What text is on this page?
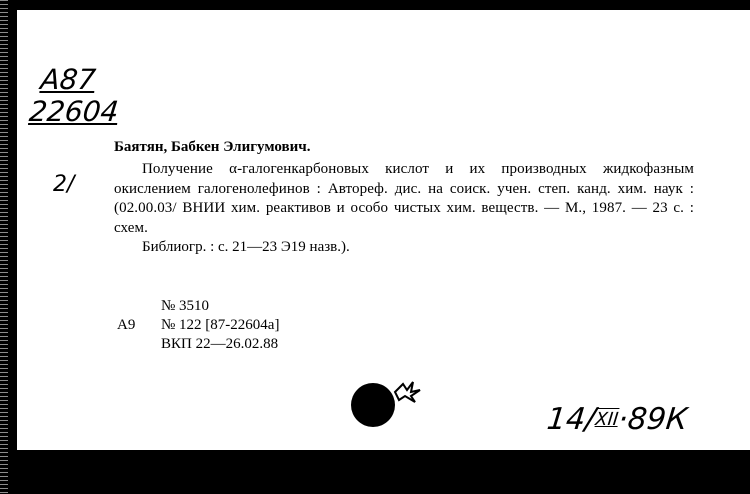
А87
22604
2/
Баятян, Бабкен Элигумович.
Получение α-галогенкарбоновых кислот и их производных жидкофазным окислением галогенолефинов : Автореф. дис. на соиск. учен. степ. канд. хим. наук : (02.00.03/ ВНИИ хим. реактивов и особо чистых хим. веществ. — М., 1987. — 23 с. : схем.
Библиогр. : с. 21—23 Э19 назв.).
№ 3510
А9 № 122 [87-22604а]
ВКП 22—26.02.88
14/XII·89К
